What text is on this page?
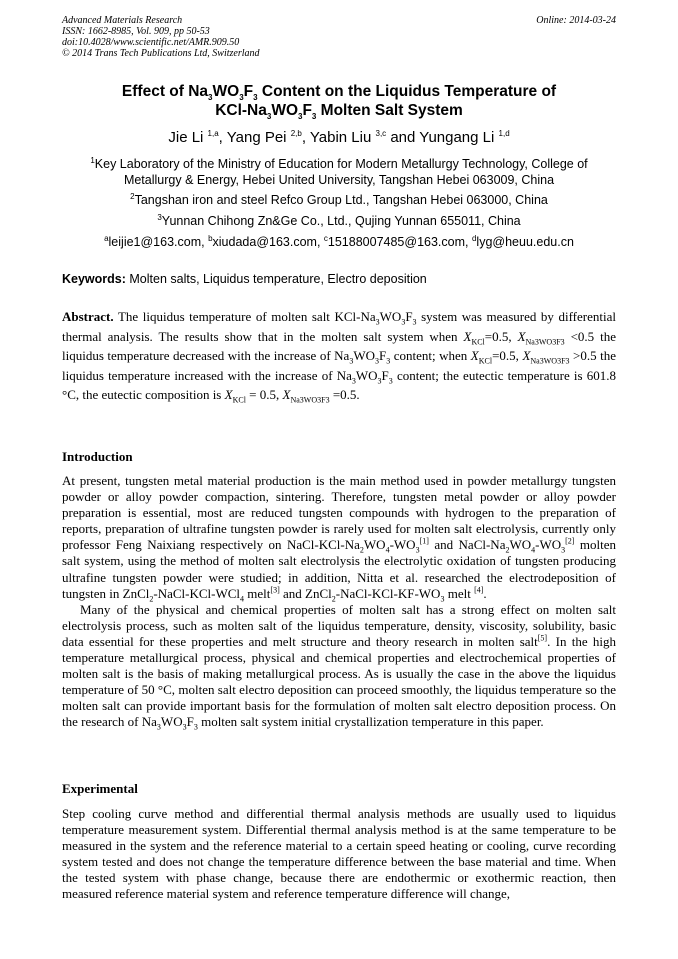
Advanced Materials Research
ISSN: 1662-8985, Vol. 909, pp 50-53
doi:10.4028/www.scientific.net/AMR.909.50
© 2014 Trans Tech Publications Ltd, Switzerland
Online: 2014-03-24
Effect of $Na_3WO_3F_3$ Content on the Liquidus Temperature of
KCl-$Na_3WO_3F_3$ Molten Salt System
Jie Li $^{1,a}$, Yang Pei $^{2,b}$, Yabin Liu $^{3,c}$ and Yungang Li $^{1,d}$
$^1$Key Laboratory of the Ministry of Education for Modern Metallurgy Technology, College of
Metallurgy & Energy, Hebei United University, Tangshan Hebei 063009, China
$^2$Tangshan iron and steel Refco Group Ltd., Tangshan Hebei 063000, China
$^3$Yunnan Chihong Zn&Ge Co., Ltd., Qujing Yunnan 655011, China
$^a$leijie1@163.com, $^b$xiudada@163.com, $^c$15188007485@163.com, $^d$lyg@heuu.edu.cn
Keywords: Molten salts, Liquidus temperature, Electro deposition

Abstract. The liquidus temperature of molten salt KCl-$Na_3WO_3F_3$ system was measured by differential thermal analysis. The results show that in the molten salt system when $X_{KCl}=0.5$, $X_{Na3WO3F3} <0.5$ the liquidus temperature decreased with the increase of $Na_3WO_3F_3$ content; when $X_{KCl}=0.5$, $X_{Na3WO3F3} >0.5$ the liquidus temperature increased with the increase of $Na_3WO_3F_3$ content; the eutectic temperature is 601.8 °C, the eutectic composition is $X_{KCl} = 0.5$, $X_{Na3WO3F3} =0.5$.

Introduction

At present, tungsten metal material production is the main method used in powder metallurgy tungsten powder or alloy powder compaction, sintering. Therefore, tungsten metal powder or alloy powder preparation is essential, most are reduced tungsten compounds with hydrogen to the preparation of reports, preparation of ultrafine tungsten powder is rarely used for molten salt electrolysis, currently only professor Feng Naixiang respectively on NaCl-$KCl-Na_2WO_4-WO_3[1]$ and NaCl-$Na_2WO_4-WO_3[2]$ molten salt system, using the method of molten salt electrolysis the electrolytic oxidation of tungsten producing ultrafine tungsten powder were studied; in addition, Nitta et al. researched the electrodeposition of tungsten in ZnCl$_2$-NaCl-KCl-WCl$_4$ melt[3] and $ZnCl_2-NaCl-KCl-KF-WO_3$ melt [4].

Many of the physical and chemical properties of molten salt has a strong effect on molten salt electrolysis process, such as molten salt of the liquidus temperature, density, viscosity, solubility, basic data essential for these properties and melt structure and theory research in molten salt[5]. In the high temperature metallurgical process, physical and chemical properties and electrochemical properties of molten salt is the basis of making metallurgical process. As is usually the case in the above the liquidus temperature of 50 °C, molten salt electro deposition can proceed smoothly, the liquidus temperature so the molten salt can provide important basis for the formulation of molten salt electro deposition process. On the research of $Na_3WO_3F_3$ molten salt system initial crystallization temperature in this paper.

Experimental

Step cooling curve method and differential thermal analysis methods are usually used to liquidus temperature measurement system. Differential thermal analysis method is at the same temperature to be measured in the system and the reference material to a certain speed heating or cooling, curve recording system tested and does not change the temperature difference between the base material and time. When the tested system with phase change, because there are endothermic or exothermic reaction, then measured reference material system and reference temperature difference will change,
